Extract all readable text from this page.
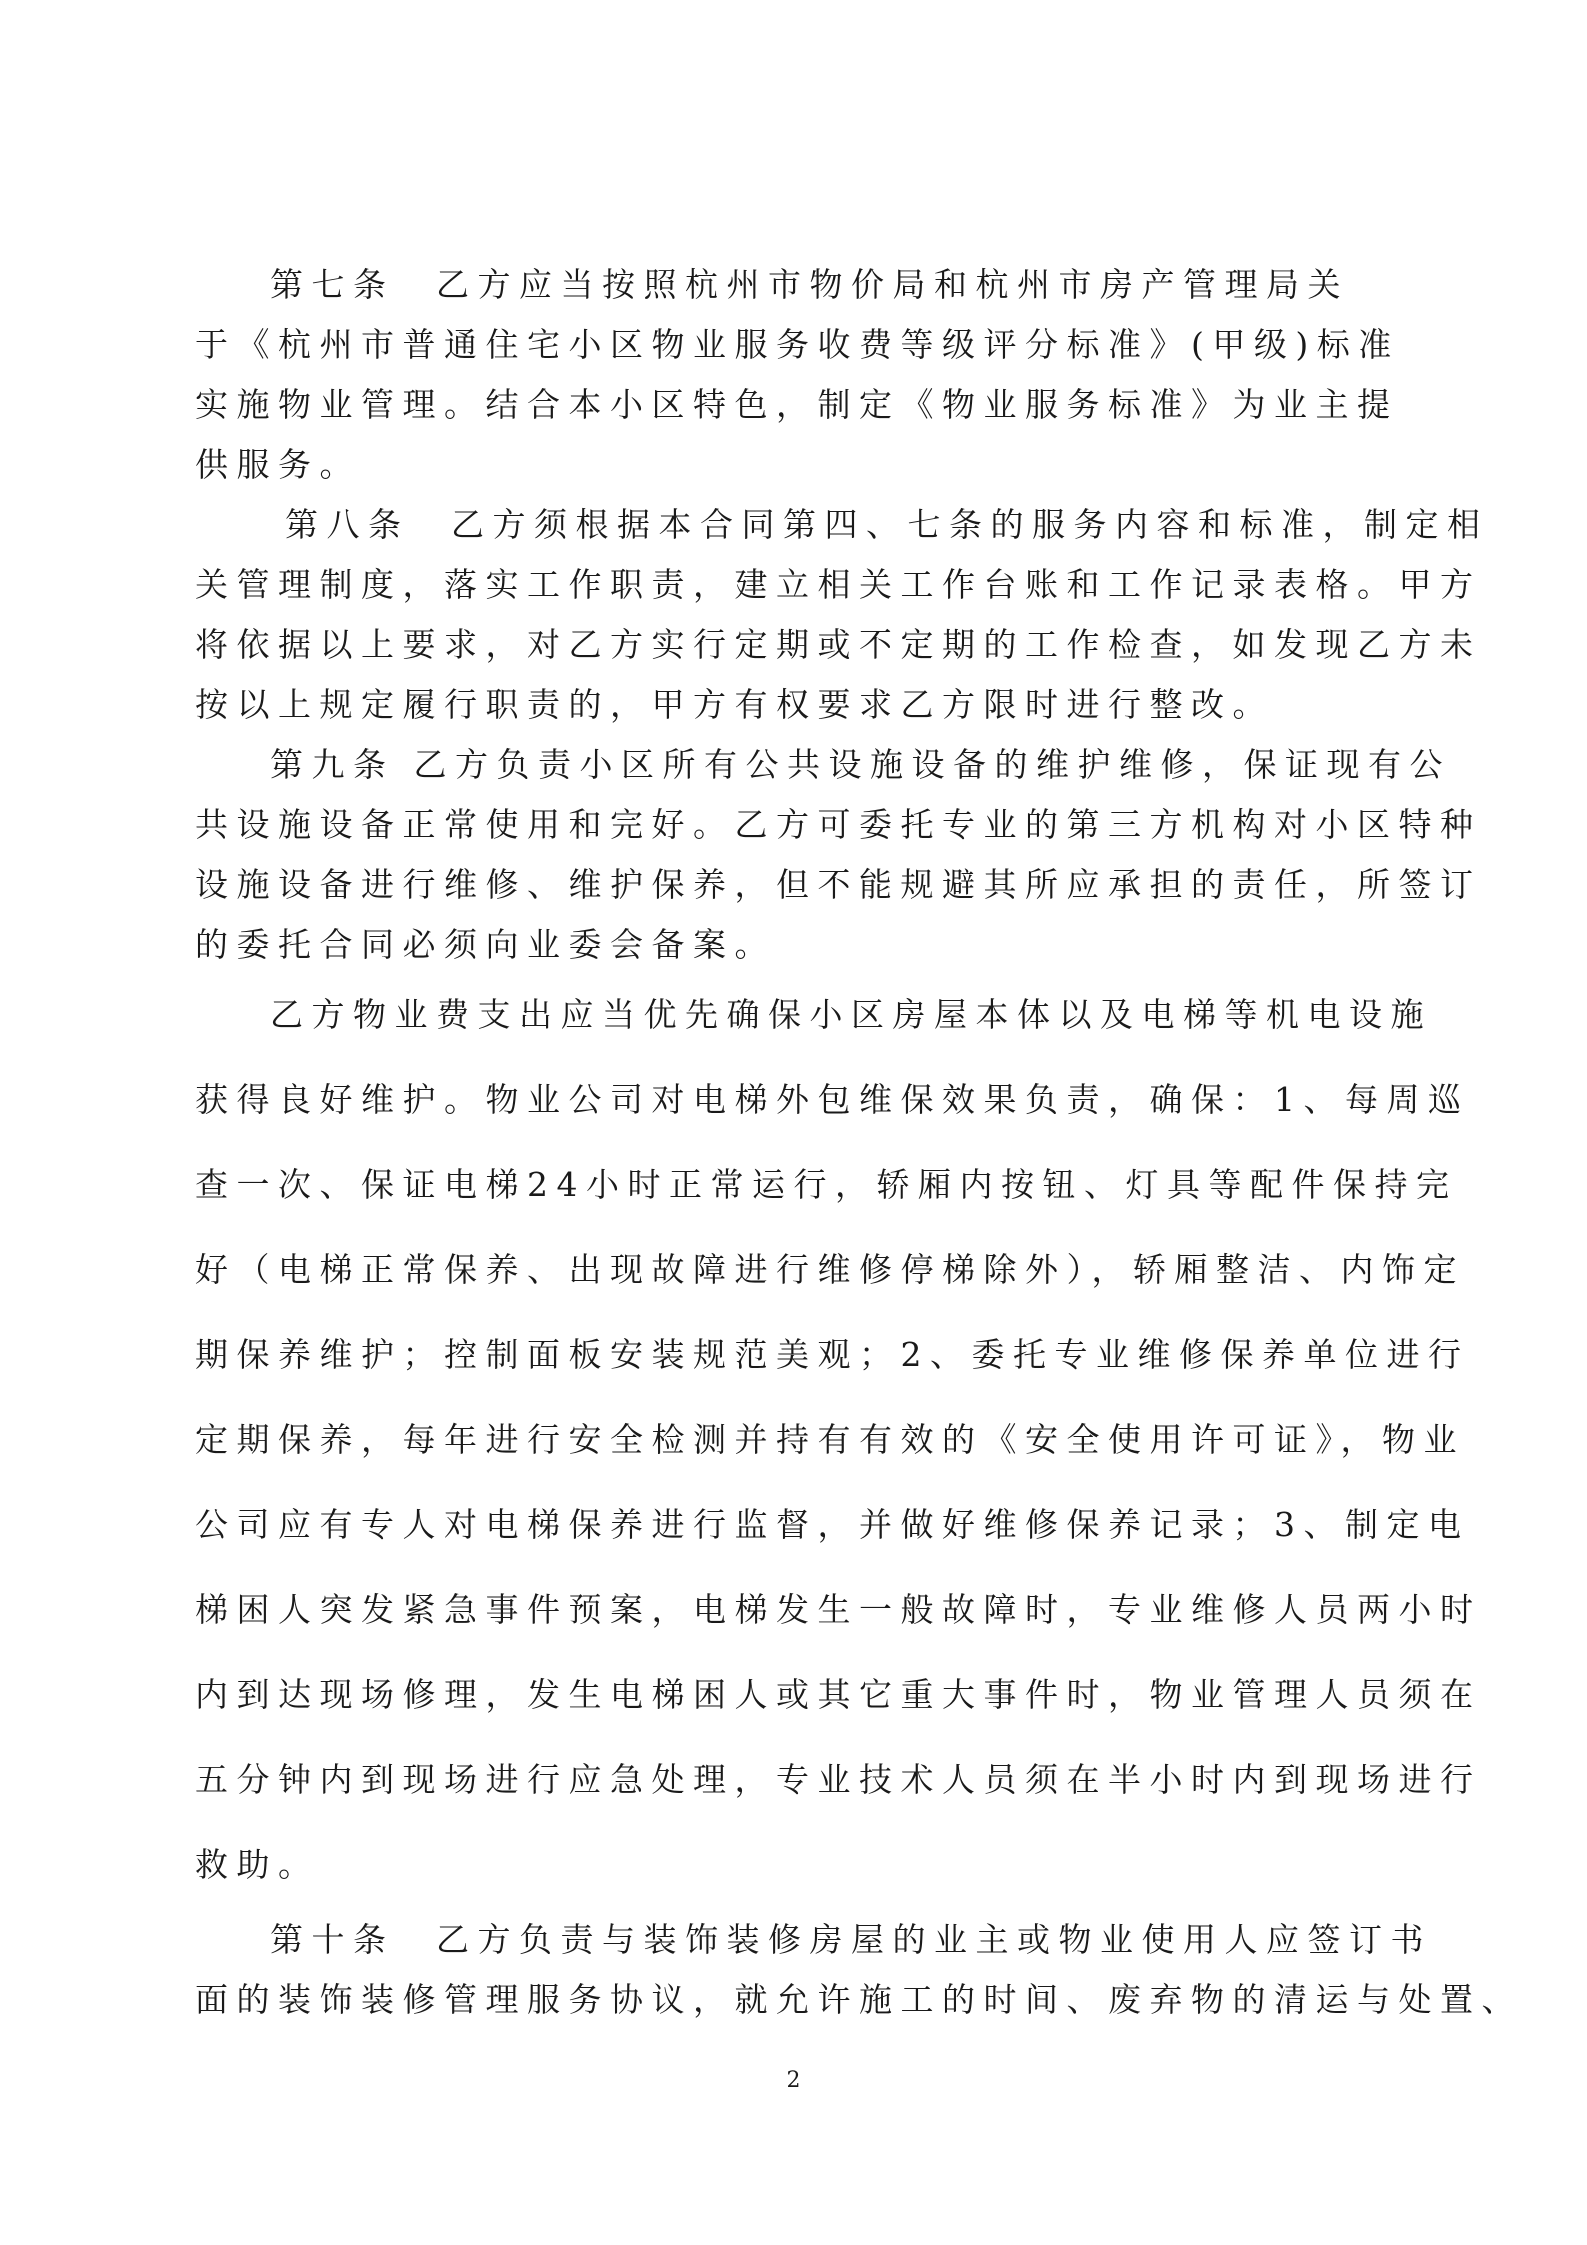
第七条　乙方应当按照杭州市物价局和杭州市房产管理局关
于《杭州市普通住宅小区物业服务收费等级评分标准》(甲级)标准
实施物业管理。结合本小区特色，制定《物业服务标准》为业主提
供服务。
第八条　乙方须根据本合同第四、七条的服务内容和标准，制定相
关管理制度，落实工作职责，建立相关工作台账和工作记录表格。甲方
将依据以上要求，对乙方实行定期或不定期的工作检查，如发现乙方未
按以上规定履行职责的，甲方有权要求乙方限时进行整改。
第九条 乙方负责小区所有公共设施设备的维护维修，保证现有公
共设施设备正常使用和完好。乙方可委托专业的第三方机构对小区特种
设施设备进行维修、维护保养，但不能规避其所应承担的责任，所签订
的委托合同必须向业委会备案。
乙方物业费支出应当优先确保小区房屋本体以及电梯等机电设施
获得良好维护。物业公司对电梯外包维保效果负责，确保：1、每周巡
查一次、保证电梯24小时正常运行，轿厢内按钮、灯具等配件保持完
好（电梯正常保养、出现故障进行维修停梯除外），轿厢整洁、内饰定
期保养维护；控制面板安装规范美观；2、委托专业维修保养单位进行
定期保养，每年进行安全检测并持有有效的《安全使用许可证》，物业
公司应有专人对电梯保养进行监督，并做好维修保养记录；3、制定电
梯困人突发紧急事件预案，电梯发生一般故障时，专业维修人员两小时
内到达现场修理，发生电梯困人或其它重大事件时，物业管理人员须在
五分钟内到现场进行应急处理，专业技术人员须在半小时内到现场进行
救助。
第十条　乙方负责与装饰装修房屋的业主或物业使用人应签订书
面的装饰装修管理服务协议，就允许施工的时间、废弃物的清运与处置、
2
